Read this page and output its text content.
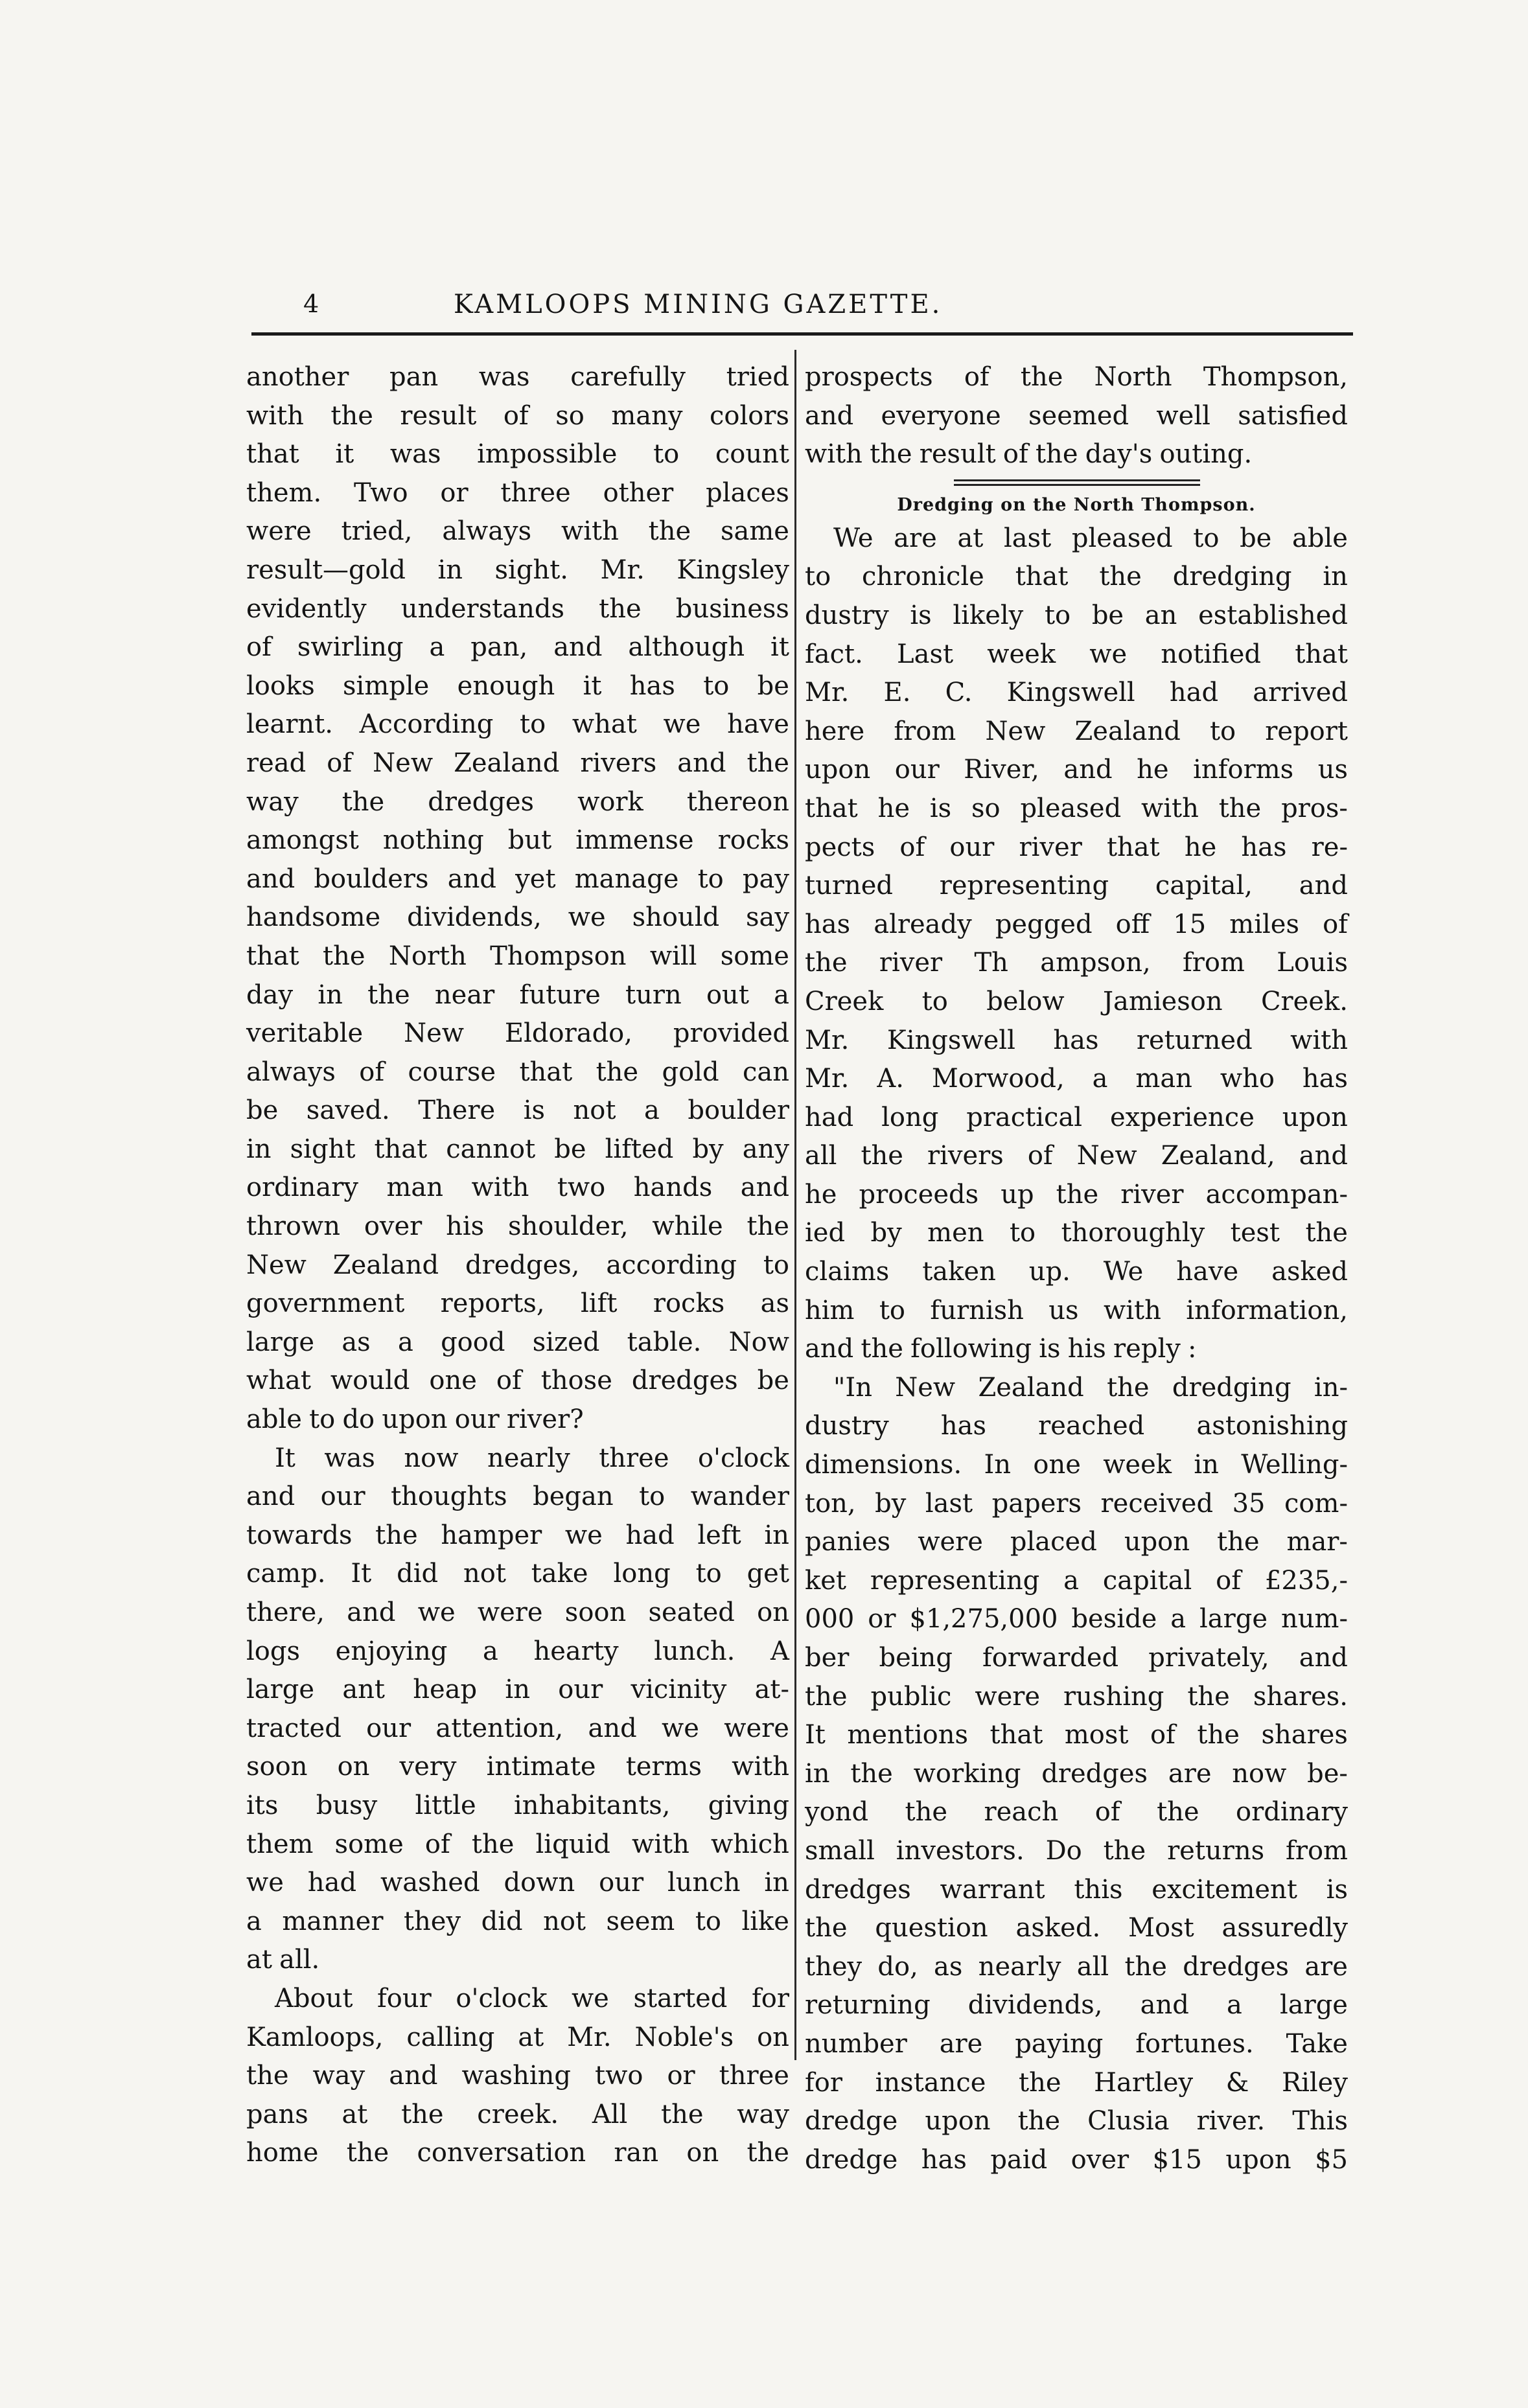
4	KAMLOOPS MINING GAZETTE.
another pan was carefully tried
with the result of so many colors
that it was impossible to count
them. Two or three other places
were tried, always with the same
result—gold in sight. Mr. Kingsley
evidently understands the business
of swirling a pan, and although it
looks simple enough it has to be
learnt. According to what we have
read of New Zealand rivers and the
way the dredges work thereon
amongst nothing but immense rocks
and boulders and yet manage to pay
handsome dividends, we should say
that the North Thompson will some
day in the near future turn out a
veritable New Eldorado, provided
always of course that the gold can
be saved. There is not a boulder
in sight that cannot be lifted by any
ordinary man with two hands and
thrown over his shoulder, while the
New Zealand dredges, according to
government reports, lift rocks as
large as a good sized table. Now
what would one of those dredges be
able to do upon our river?
It was now nearly three o'clock
and our thoughts began to wander
towards the hamper we had left in
camp. It did not take long to get
there, and we were soon seated on
logs enjoying a hearty lunch. A
large ant heap in our vicinity at-
tracted our attention, and we were
soon on very intimate terms with
its busy little inhabitants, giving
them some of the liquid with which
we had washed down our lunch in
a manner they did not seem to like
at all.
About four o'clock we started for
Kamloops, calling at Mr. Noble's on
the way and washing two or three
pans at the creek. All the way
home the conversation ran on the
prospects of the North Thompson,
and everyone seemed well satisfied
with the result of the day's outing.
Dredging on the North Thompson.
We are at last pleased to be able
to chronicle that the dredging in
dustry is likely to be an established
fact. Last week we notified that
Mr. E. C. Kingswell had arrived
here from New Zealand to report
upon our River, and he informs us
that he is so pleased with the pros-
pects of our river that he has re-
turned representing capital, and
has already pegged off 15 miles of
the river Th ampson, from Louis
Creek to below Jamieson Creek.
Mr. Kingswell has returned with
Mr. A. Morwood, a man who has
had long practical experience upon
all the rivers of New Zealand, and
he proceeds up the river accompan-
ied by men to thoroughly test the
claims taken up. We have asked
him to furnish us with information,
and the following is his reply :
"In New Zealand the dredging in-
dustry has reached astonishing
dimensions. In one week in Welling-
ton, by last papers received 35 com-
panies were placed upon the mar-
ket representing a capital of £235,-
000 or $1,275,000 beside a large num-
ber being forwarded privately, and
the public were rushing the shares.
It mentions that most of the shares
in the working dredges are now be-
yond the reach of the ordinary
small investors. Do the returns from
dredges warrant this excitement is
the question asked. Most assuredly
they do, as nearly all the dredges are
returning dividends, and a large
number are paying fortunes. Take
for instance the Hartley & Riley
dredge upon the Clusia river. This
dredge has paid over $15 upon $5
